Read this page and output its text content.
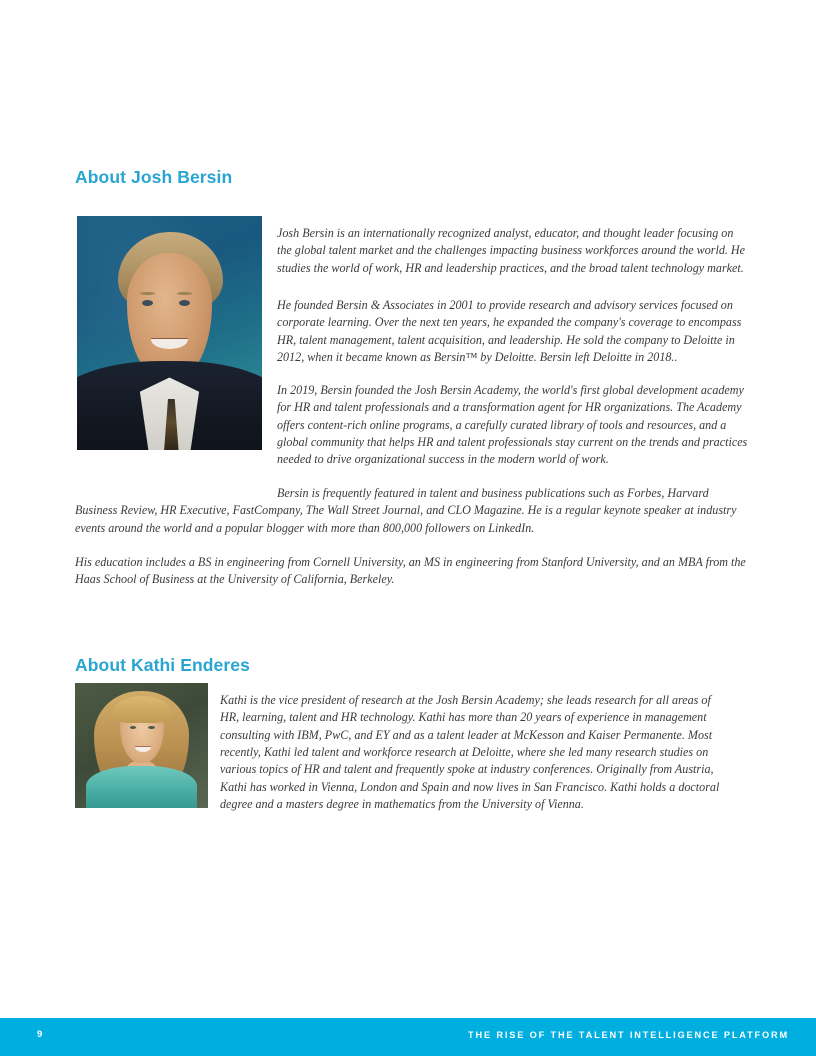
About Josh Bersin

Josh Bersin is an internationally recognized analyst, educator, and thought leader focusing on the global talent market and the challenges impacting business workforces around the world. He studies the world of work, HR and leadership practices, and the broad talent technology market.

He founded Bersin & Associates in 2001 to provide research and advisory services focused on corporate learning. Over the next ten years, he expanded the company's coverage to encompass HR, talent management, talent acquisition, and leadership. He sold the company to Deloitte in 2012, when it became known as Bersin™ by Deloitte. Bersin left Deloitte in 2018..

In 2019, Bersin founded the Josh Bersin Academy, the world's first global development academy for HR and talent professionals and a transformation agent for HR organizations. The Academy offers content-rich online programs, a carefully curated library of tools and resources, and a global community that helps HR and talent professionals stay current on the trends and practices needed to drive organizational success in the modern world of work.

Bersin is frequently featured in talent and business publications such as Forbes, Harvard Business Review, HR Executive, FastCompany, The Wall Street Journal, and CLO Magazine. He is a regular keynote speaker at industry events around the world and a popular blogger with more than 800,000 followers on LinkedIn.

His education includes a BS in engineering from Cornell University, an MS in engineering from Stanford University, and an MBA from the Haas School of Business at the University of California, Berkeley.

About Kathi Enderes

Kathi is the vice president of research at the Josh Bersin Academy; she leads research for all areas of HR, learning, talent and HR technology. Kathi has more than 20 years of experience in management consulting with IBM, PwC, and EY and as a talent leader at McKesson and Kaiser Permanente. Most recently, Kathi led talent and workforce research at Deloitte, where she led many research studies on various topics of HR and talent and frequently spoke at industry conferences. Originally from Austria, Kathi has worked in Vienna, London and Spain and now lives in San Francisco. Kathi holds a doctoral degree and a masters degree in mathematics from the University of Vienna.

9	THE RISE OF THE TALENT INTELLIGENCE PLATFORM
